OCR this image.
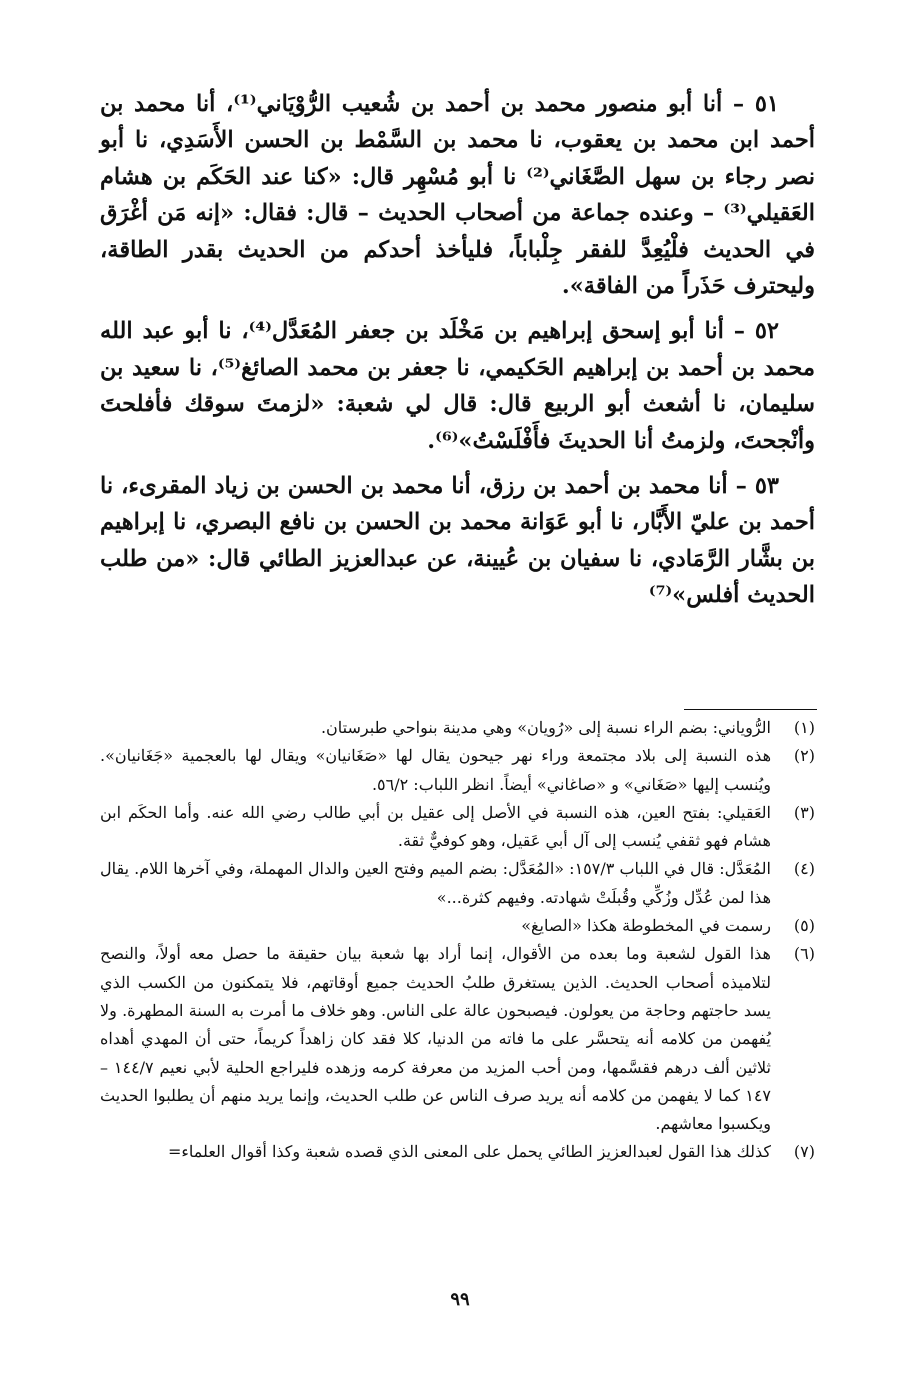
٥١ – أنا أبو منصور محمد بن أحمد بن شُعيب الرُّوْيَاني⁽¹⁾، أنا محمد بن أحمد ابن محمد بن يعقوب، نا محمد بن السَّمْط بن الحسن الأَسَدِي، نا أبو نصر رجاء بن سهل الصَّغَاني⁽²⁾ نا أبو مُسْهِر قال: «كنا عند الحَكَم بن هشام العَقيلي⁽³⁾ – وعنده جماعة من أصحاب الحديث – قال: فقال: «إنه مَن أغْرَق في الحديث فلْيُعِدَّ للفقر جِلْباباً، فليأخذ أحدكم من الحديث بقدر الطاقة، وليحترف حَذَراً من الفاقة».

٥٢ – أنا أبو إسحق إبراهيم بن مَخْلَد بن جعفر المُعَدَّل⁽⁴⁾، نا أبو عبد الله محمد بن أحمد بن إبراهيم الحَكيمي، نا جعفر بن محمد الصائغ⁽⁵⁾، نا سعيد بن سليمان، نا أشعث أبو الربيع قال: قال لي شعبة: «لزمتَ سوقك فأفلحتَ وأنْجحتَ، ولزمتُ أنا الحديثَ فأَفْلَسْتُ»⁽⁶⁾.

٥٣ – أنا محمد بن أحمد بن رزق، أنا محمد بن الحسن بن زياد المقرىء، نا أحمد بن عليّ الأَبَّار، نا أبو عَوَانة محمد بن الحسن بن نافع البصري، نا إبراهيم بن بشَّار الرَّمَادي، نا سفيان بن عُيينة، عن عبدالعزيز الطائي قال: «من طلب الحديث أفلس»⁽⁷⁾

(١)

الرُّوياني: بضم الراء نسبة إلى «رُويان» وهي مدينة بنواحي طبرستان.

(٢)

هذه النسبة إلى بلاد مجتمعة وراء نهر جيحون يقال لها «صَغَانيان» ويقال لها بالعجمية «جَغَانيان». ويُنسب إليها «صَغَاني» و «صاغاني» أيضاً. انظر اللباب: ٥٦/٢.

(٣)

العَقيلي: بفتح العين، هذه النسبة في الأصل إلى عقيل بن أبي طالب رضي الله عنه. وأما الحكَم ابن هشام فهو ثقفي يُنسب إلى آل أبي عَقيل، وهو كوفيٌّ ثقة.

(٤)

المُعَدَّل: قال في اللباب ١٥٧/٣: «المُعَدَّل: بضم الميم وفتح العين والدال المهملة، وفي آخرها اللام. يقال هذا لمن عُدِّل وزُكِّي وقُبلَتْ شهادته. وفيهم كثرة...»

(٥)

رسمت في المخطوطة هكذا «الصايغ»

(٦)

هذا القول لشعبة وما بعده من الأقوال، إنما أراد بها شعبة بيان حقيقة ما حصل معه أولاً، والنصح لتلاميذه أصحاب الحديث. الذين يستغرق طلبُ الحديث جميع أوقاتهم، فلا يتمكنون من الكسب الذي يسد حاجتهم وحاجة من يعولون. فيصبحون عالة على الناس. وهو خلاف ما أمرت به السنة المطهرة. ولا يُفهمن من كلامه أنه يتحسَّر على ما فاته من الدنيا، كلا فقد كان زاهداً كريماً، حتى أن المهدي أهداه ثلاثين ألف درهم فقسَّمها، ومن أحب المزيد من معرفة كرمه وزهده فليراجع الحلية لأبي نعيم ١٤٤/٧ – ١٤٧ كما لا يفهمن من كلامه أنه يريد صرف الناس عن طلب الحديث، وإنما يريد منهم أن يطلبوا الحديث ويكسبوا معاشهم.

(٧)

كذلك هذا القول لعبدالعزيز الطائي يحمل على المعنى الذي قصده شعبة وكذا أقوال العلماء=

٩٩
